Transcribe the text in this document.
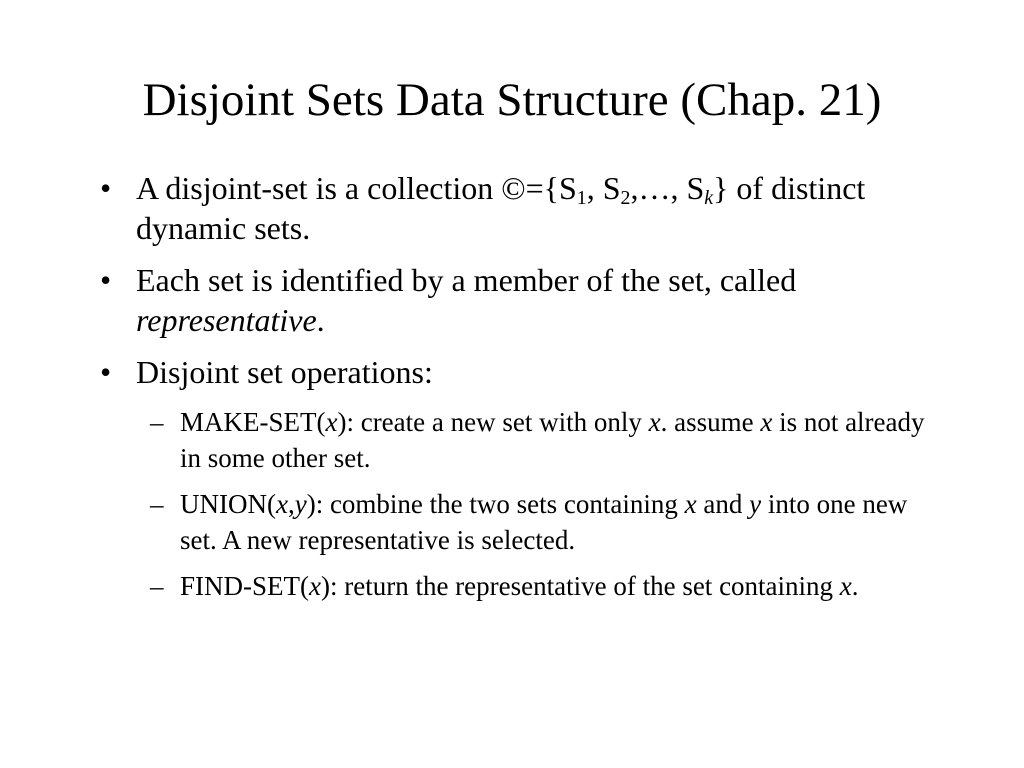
Disjoint Sets Data Structure (Chap. 21)
• A disjoint-set is a collection $©=\{S_1$, $S_2,\dots$, $S_k$} of distinct dynamic sets.
• Each set is identified by a member of the set, called representative.
• Disjoint set operations:
– MAKE-SET(x): create a new set with only x. assume x is not already in some other set.
– UNION(x,y): combine the two sets containing x and y into one new set. A new representative is selected.
– FIND-SET(x): return the representative of the set containing x.
